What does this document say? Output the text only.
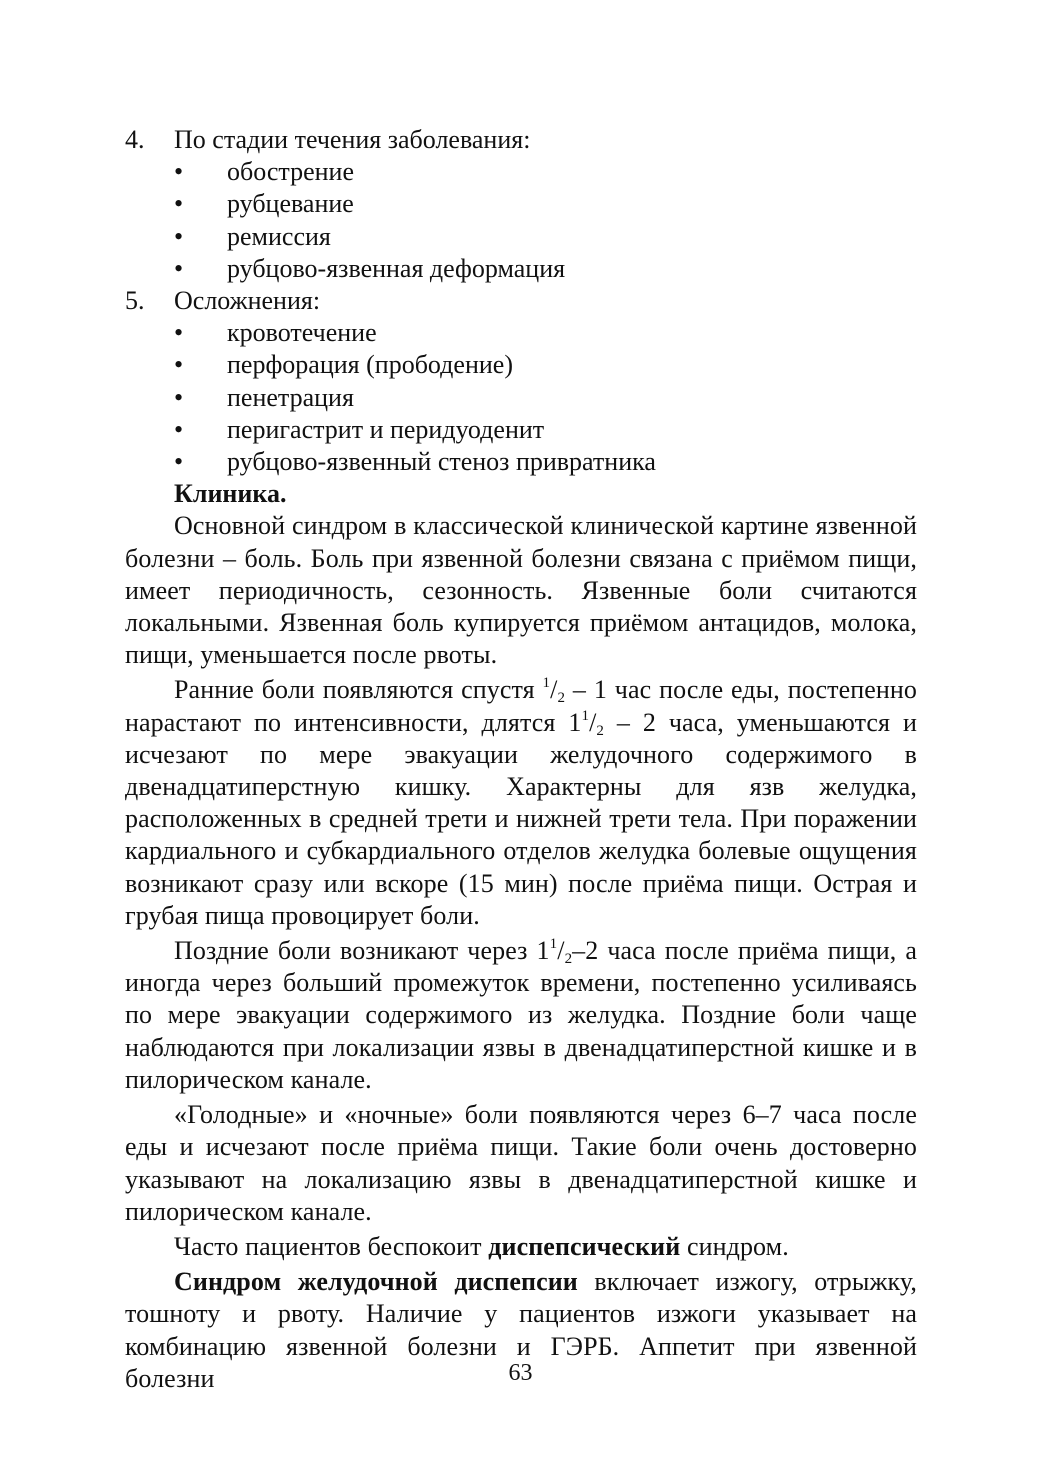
4.	По стадии течения заболевания:
•	обострение
•	рубцевание
•	ремиссия
•	рубцово-язвенная деформация
5.	Осложнения:
•	кровотечение
•	перфорация (прободение)
•	пенетрация
•	перигастрит и перидуоденит
•	рубцово-язвенный стеноз привратника
Клиника.

Основной синдром в классической клинической картине язвенной болезни – боль. Боль при язвенной болезни связана с приёмом пищи, имеет периодичность, сезонность. Язвенные боли считаются локальными. Язвенная боль купируется приёмом антацидов, молока, пищи, уменьшается после рвоты.

Ранние боли появляются спустя $^1/_2 - 1$ час после еды, постепенно нарастают по интенсивности, длятся $1^1/_2 - 2$ часа, уменьшаются и исчезают по мере эвакуации желудочного содержимого в двенадцатиперстную кишку. Характерны для язв желудка, расположенных в средней трети и нижней трети тела. При поражении кардиального и субкардиального отделов желудка болевые ощущения возникают сразу или вскоре (15 мин) после приёма пищи. Острая и грубая пища провоцирует боли.

Поздние боли возникают через $1^1/_2-2$ часа после приёма пищи, а иногда через больший промежуток времени, постепенно усиливаясь по мере эвакуации содержимого из желудка. Поздние боли чаще наблюдаются при локализации язвы в двенадцатиперстной кишке и в пилорическом канале.

«Голодные» и «ночные» боли появляются через 6–7 часа после еды и исчезают после приёма пищи. Такие боли очень достоверно указывают на локализацию язвы в двенадцатиперстной кишке и пилорическом канале.

Часто пациентов беспокоит диспепсический синдром.

Синдром желудочной диспепсии включает изжогу, отрыжку, тошноту и рвоту. Наличие у пациентов изжоги указывает на комбинацию язвенной болезни и ГЭРБ. Аппетит при язвенной болезни	63
